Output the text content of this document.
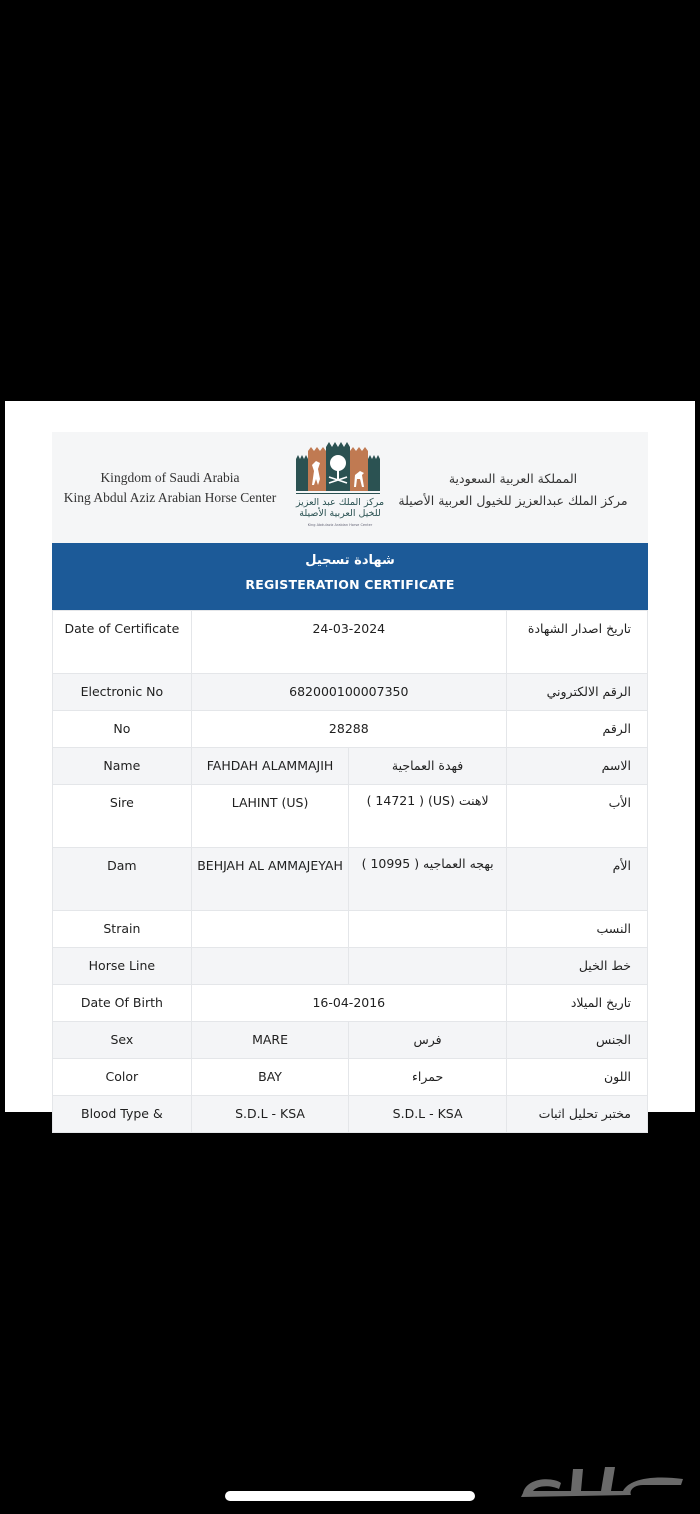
Kingdom of Saudi Arabia
King Abdul Aziz Arabian Horse Center	مركز الملك عبد العزيز
للخيل العربية الأصيلة
King Abdulaziz Arabian Horse Center
المملكة العربية السعودية
مركز الملك عبدالعزيز للخيول العربية الأصيلة
شهادة تسجيل
REGISTERATION CERTIFICATE
Date of Certificate	24-03-2024		تاريخ اصدار الشهادة
Electronic No	682000100007350		الرقم الالكتروني
No	28288		الرقم
Name	FAHDAH ALAMMAJIH	فهدة العماجية	الاسم
Sire	LAHINT (US)	لاهنت (US) ( 14721 )	الأب
Dam	BEHJAH AL AMMAJEYAH	بهجه العماجيه ( 10995 )	الأم
Strain			النسب
Horse Line			خط الخيل
Date Of Birth	16-04-2016		تاريخ الميلاد
Sex	MARE	فرس	الجنس
Color	BAY	حمراء	اللون
Blood Type &	S.D.L - KSA	S.D.L - KSA	مختبر تحليل اثبات
